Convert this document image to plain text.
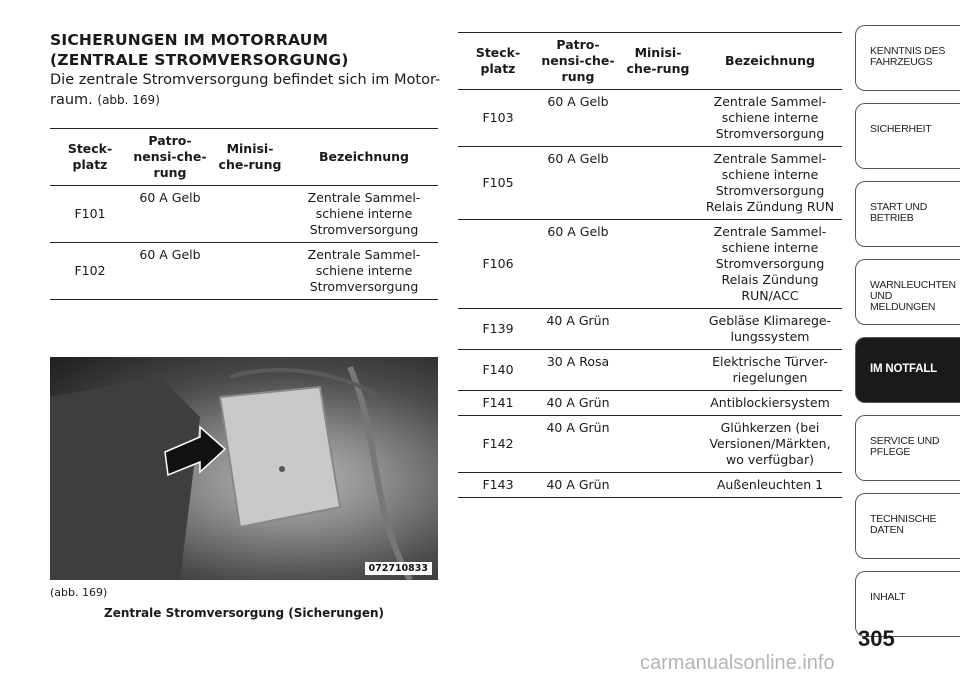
SICHERUNGEN IM MOTORRAUM
(ZENTRALE STROMVERSORGUNG)
Die zentrale Stromversorgung befindet sich im Motor-raum. (abb. 169)
Steck-platz	Patro-nensi-che-rung	Minisi-che-rung	Bezeichnung
F101	60 A Gelb		Zentrale Sammel-schiene interne Stromversorgung
F102	60 A Gelb		Zentrale Sammel-schiene interne Stromversorgung
072710833
(abb. 169)
Zentrale Stromversorgung (Sicherungen)
Steck-platz	Patro-nensi-che-rung	Minisi-che-rung	Bezeichnung
F103	60 A Gelb		Zentrale Sammel-schiene interne Stromversorgung
F105	60 A Gelb		Zentrale Sammel-schiene interne Stromversorgung Relais Zündung RUN
F106	60 A Gelb		Zentrale Sammel-schiene interne Stromversorgung Relais Zündung RUN/ACC
F139	40 A Grün		Gebläse Klimarege-lungssystem
F140	30 A Rosa		Elektrische Türver-riegelungen
F141	40 A Grün		Antiblockiersystem
F142	40 A Grün		Glühkerzen (bei Versionen/Märkten, wo verfügbar)
F143	40 A Grün		Außenleuchten 1
KENNTNIS DES FAHRZEUGS
SICHERHEIT
START UND BETRIEB
WARNLEUCHTEN UND MELDUNGEN
IM NOTFALL
SERVICE UND PFLEGE
TECHNISCHE DATEN
INHALT
305
carmanualsonline.info
